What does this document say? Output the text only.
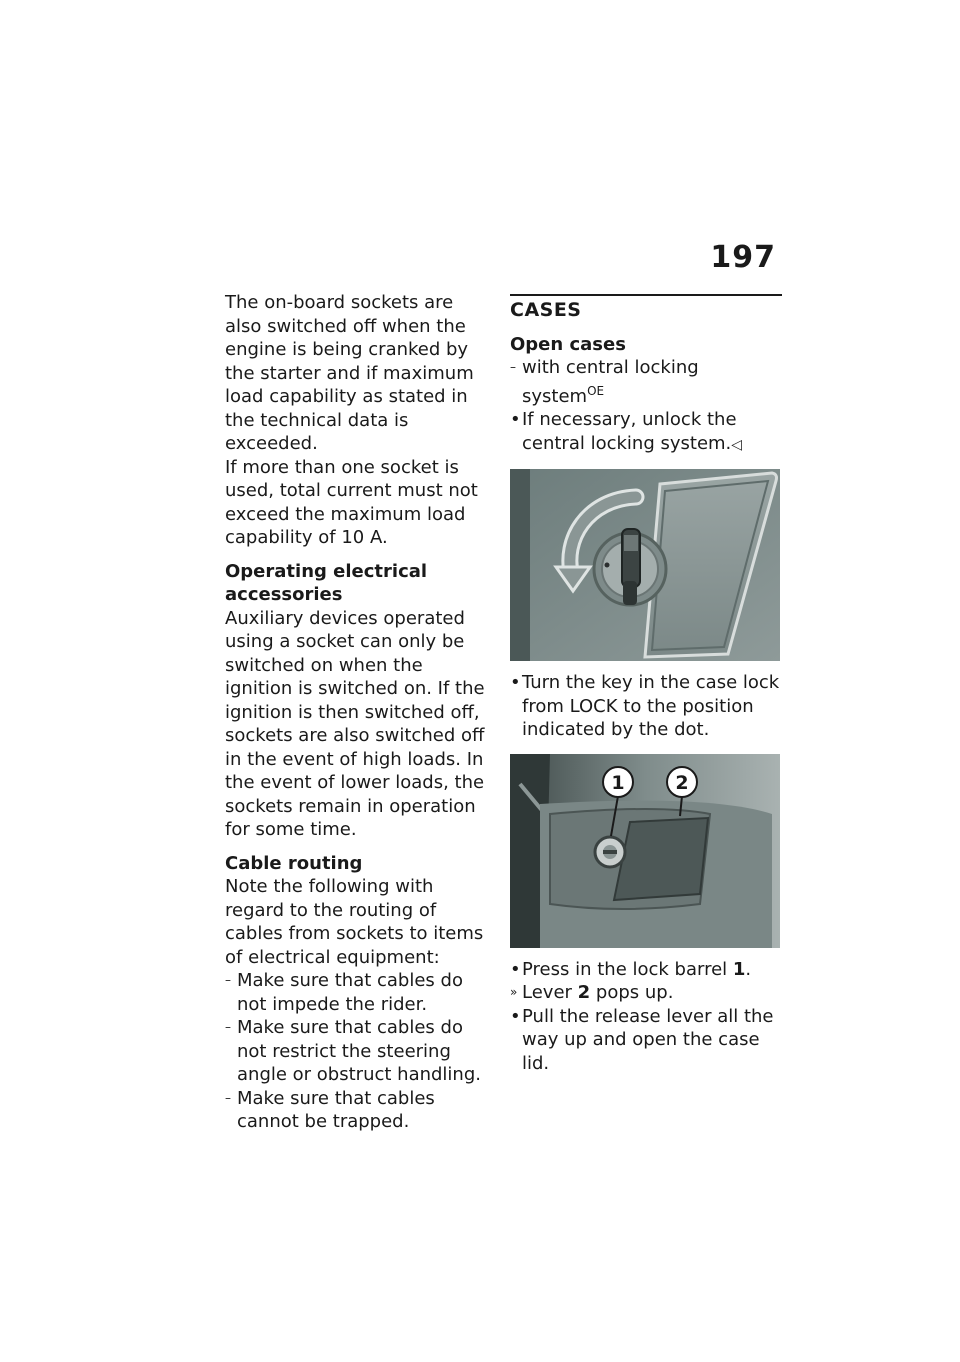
197

The on-board sockets are also switched off when the engine is being cranked by the starter and if maximum load capability as stated in the technical data is exceeded.

If more than one socket is used, total current must not exceed the maximum load capability of 10 A.

Operating electrical accessories

Auxiliary devices operated using a socket can only be switched on when the ignition is switched on. If the ignition is then switched off, sockets are also switched off in the event of high loads. In the event of lower loads, the sockets remain in operation for some time.

Cable routing

Note the following with regard to the routing of cables from sockets to items of electrical equipment:

– Make sure that cables do not impede the rider.
– Make sure that cables do not restrict the steering angle or obstruct handling.
– Make sure that cables cannot be trapped.

CASES

Open cases

– with central locking system$^{OE}$
• If necessary, unlock the central locking system.◁
• Turn the key in the case lock from LOCK to the position indicated by the dot.
1	2
• Press in the lock barrel 1.
» Lever 2 pops up.
• Pull the release lever all the way up and open the case lid.
